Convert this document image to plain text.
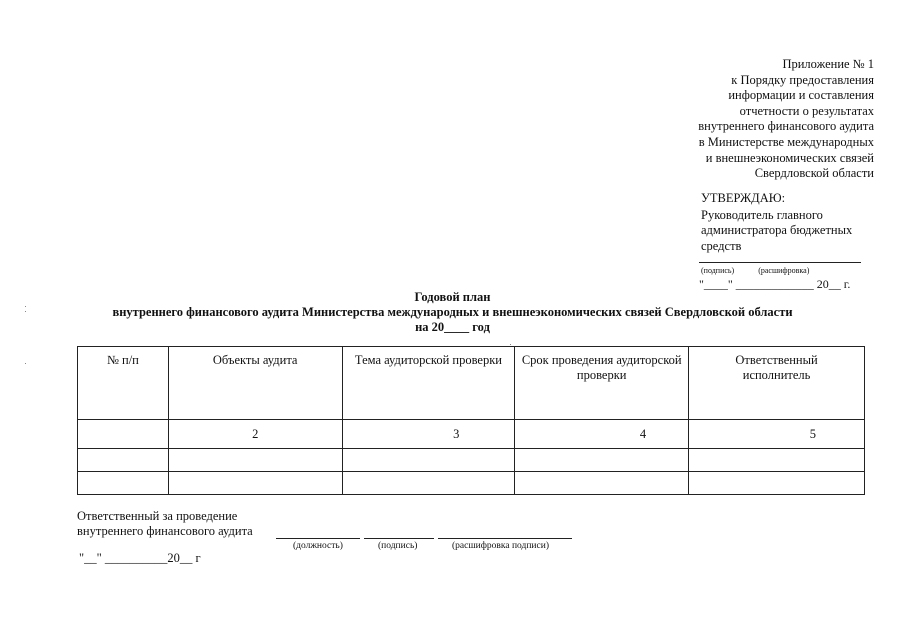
Приложение № 1
к Порядку предоставления
информации и составления
отчетности о результатах
внутреннего финансового аудита
в Министерстве международных
и внешнеэкономических связей
Свердловской области
УТВЕРЖДАЮ:
Руководитель главного
администратора бюджетных
средств
(подпись)	(расшифровка)
"____" _____________ 20__ г.
Годовой план
внутреннего финансового аудита Министерства международных и внешнеэкономических связей Свердловской области
на 20____ год
№ п/п	Объекты аудита	Тема аудиторской проверки	Срок проведения аудиторской проверки	Ответственный исполнитель
	2	3	4	5

Ответственный за проведение
внутреннего финансового аудита
(должность)	(подпись)	(расшифровка подписи)
"__" __________20__ г
